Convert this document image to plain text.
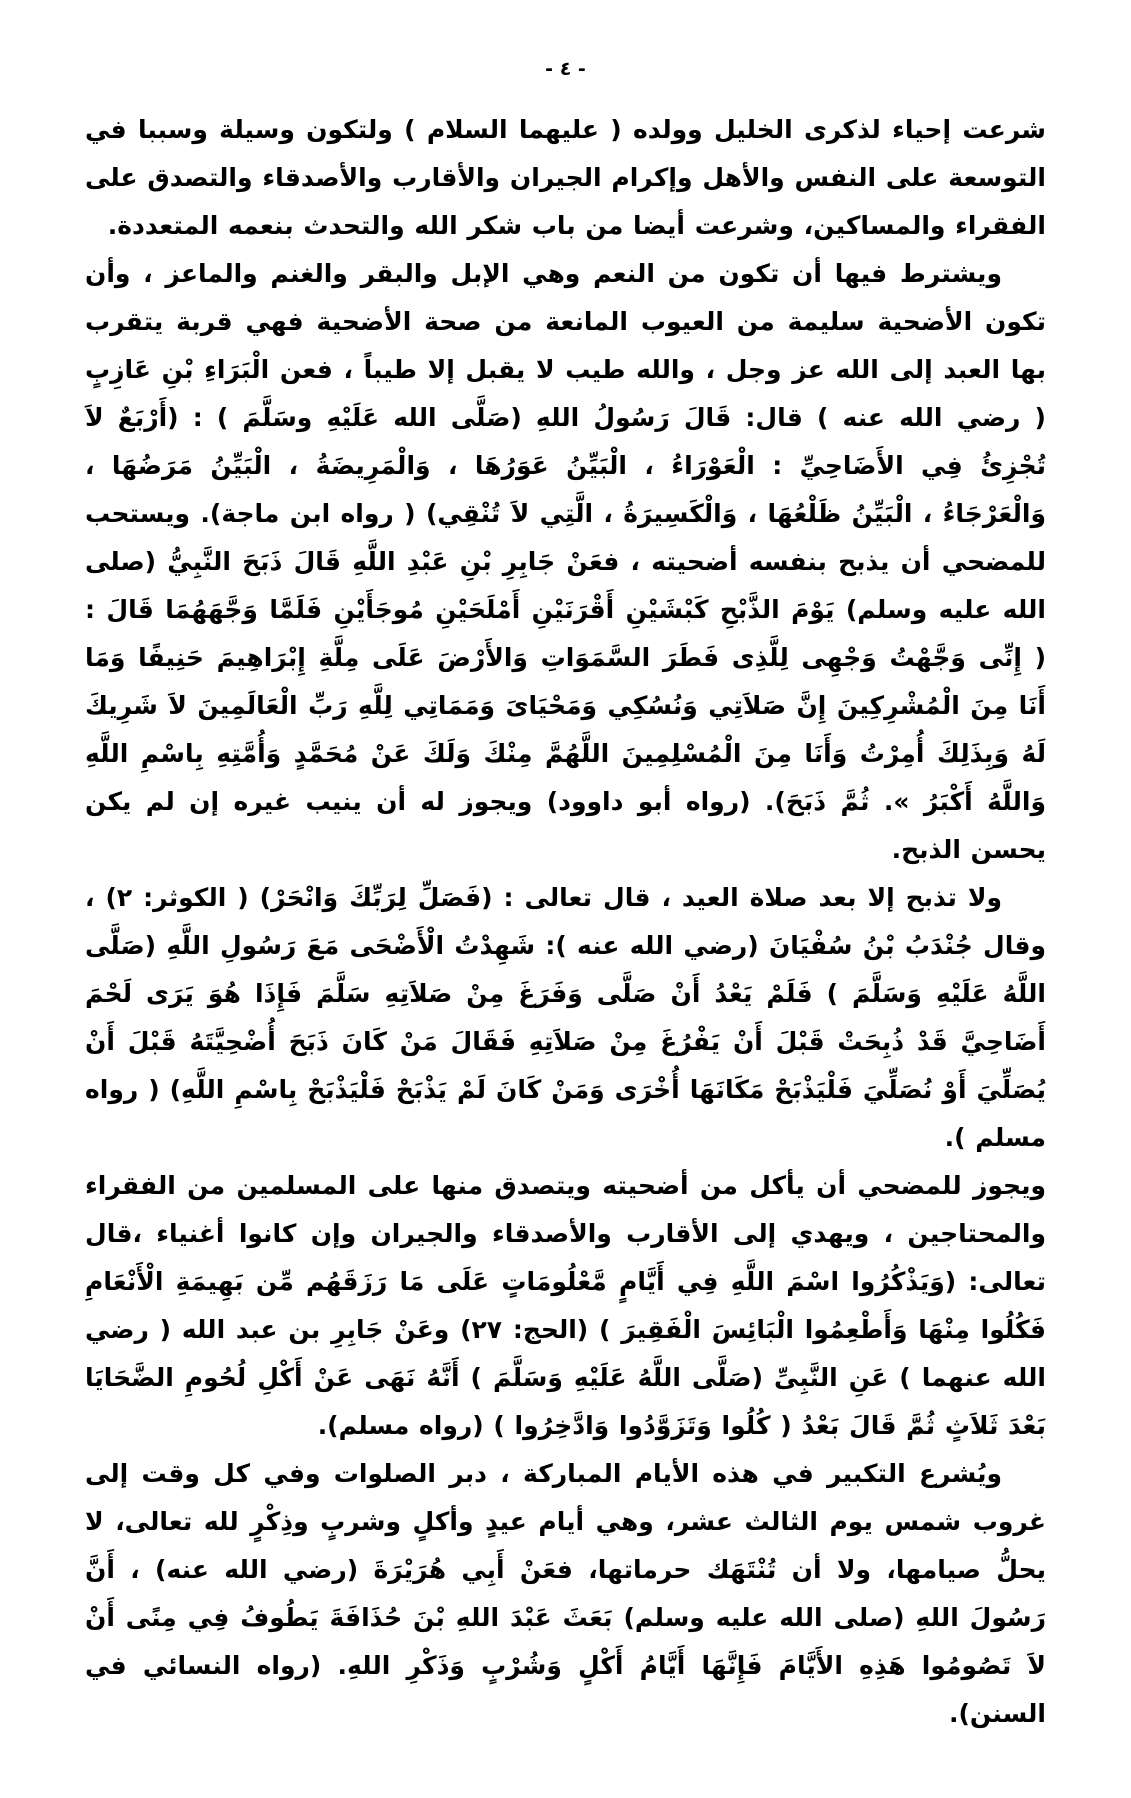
- ٤ -

شرعت إحياء لذكرى الخليل وولده ( عليهما السلام ) ولتكون وسيلة وسببا في التوسعة على النفس والأهل وإكرام الجيران والأقارب والأصدقاء والتصدق على الفقراء والمساكين، وشرعت أيضا من باب شكر الله والتحدث بنعمه المتعددة.

ويشترط فيها أن تكون من النعم وهي الإبل والبقر والغنم والماعز ، وأن تكون الأضحية سليمة من العيوب المانعة من صحة الأضحية فهي قربة يتقرب بها العبد إلى الله عز وجل ، والله طيب لا يقبل إلا طيباً ، فعن الْبَرَاءِ بْنِ عَازِبٍ ( رضي الله عنه ) قال: قَالَ رَسُولُ اللهِ (صَلَّى الله عَلَيْهِ وسَلَّمَ ) : (أَرْبَعٌ لاَ تُجْزِئُ فِي الأَضَاحِيِّ : الْعَوْرَاءُ ، الْبَيِّنُ عَوَرُهَا ، وَالْمَرِيضَةُ ، الْبَيِّنُ مَرَضُهَا ، وَالْعَرْجَاءُ ، الْبَيِّنُ ظَلْعُهَا ، وَالْكَسِيرَةُ ، الَّتِي لاَ تُنْقِي) ( رواه ابن ماجة). ويستحب للمضحي أن يذبح بنفسه أضحيته ، فعَنْ جَابِرِ بْنِ عَبْدِ اللَّهِ قَالَ ذَبَحَ النَّبِيُّ (صلى الله عليه وسلم) يَوْمَ الذَّبْحِ كَبْشَيْنِ أَقْرَنَيْنِ أَمْلَحَيْنِ مُوجَأَيْنِ فَلَمَّا وَجَّهَهُمَا قَالَ : ( إِنِّى وَجَّهْتُ وَجْهِى لِلَّذِى فَطَرَ السَّمَوَاتِ وَالأَرْضَ عَلَى مِلَّةِ إِبْرَاهِيمَ حَنِيفًا وَمَا أَنَا مِنَ الْمُشْرِكِينَ إِنَّ صَلاَتِي وَنُسُكِي وَمَحْيَاىَ وَمَمَاتِي لِلَّهِ رَبِّ الْعَالَمِينَ لاَ شَرِيكَ لَهُ وَبِذَلِكَ أُمِرْتُ وَأَنَا مِنَ الْمُسْلِمِينَ اللَّهُمَّ مِنْكَ وَلَكَ عَنْ مُحَمَّدٍ وَأُمَّتِهِ بِاسْمِ اللَّهِ وَاللَّهُ أَكْبَرُ ». ثُمَّ ذَبَحَ). (رواه أبو داوود) ويجوز له أن ينيب غيره إن لم يكن يحسن الذبح.

ولا تذبح إلا بعد صلاة العيد ، قال تعالى : (فَصَلِّ لِرَبِّكَ وَانْحَرْ) ( الكوثر: ٢) ، وقال جُنْدَبُ بْنُ سُفْيَانَ (رضي الله عنه ): شَهِدْتُ الْأَضْحَى مَعَ رَسُولِ اللَّهِ (صَلَّى اللَّهُ عَلَيْهِ وَسَلَّمَ ) فَلَمْ يَعْدُ أَنْ صَلَّى وَفَرَغَ مِنْ صَلاَتِهِ سَلَّمَ فَإِذَا هُوَ يَرَى لَحْمَ أَضَاحِيَّ قَدْ ذُبِحَتْ قَبْلَ أَنْ يَفْرُغَ مِنْ صَلاَتِهِ فَقَالَ مَنْ كَانَ ذَبَحَ أُضْحِيَّتَهُ قَبْلَ أَنْ يُصَلِّيَ أَوْ نُصَلِّيَ فَلْيَذْبَحْ مَكَانَهَا أُخْرَى وَمَنْ كَانَ لَمْ يَذْبَحْ فَلْيَذْبَحْ بِاسْمِ اللَّهِ) ( رواه مسلم ).

ويجوز للمضحي أن يأكل من أضحيته ويتصدق منها على المسلمين من الفقراء والمحتاجين ، ويهدي إلى الأقارب والأصدقاء والجيران وإن كانوا أغنياء ،قال تعالى: (وَيَذْكُرُوا اسْمَ اللَّهِ فِي أَيَّامٍ مَّعْلُومَاتٍ عَلَى مَا رَزَقَهُم مِّن بَهِيمَةِ الْأَنْعَامِ فَكُلُوا مِنْهَا وَأَطْعِمُوا الْبَائِسَ الْفَقِيرَ ) (الحج: ٢٧) وعَنْ جَابِرِ بن عبد الله ( رضي الله عنهما ) عَنِ النَّبِىِّ (صَلَّى اللَّهُ عَلَيْهِ وَسَلَّمَ ) أَنَّهُ نَهَى عَنْ أَكْلِ لُحُومِ الضَّحَايَا بَعْدَ ثَلاَثٍ ثُمَّ قَالَ بَعْدُ ( كُلُوا وَتَزَوَّدُوا وَادَّخِرُوا ) (رواه مسلم).

ويُشرع التكبير في هذه الأيام المباركة ، دبر الصلوات وفي كل وقت إلى غروب شمس يوم الثالث عشر، وهي أيام عيدٍ وأكلٍ وشربٍ وذِكْرٍ لله تعالى، لا يحلُّ صيامها، ولا أن تُنْتَهَك حرماتها، فعَنْ أَبِي هُرَيْرَةَ (رضي الله عنه) ، أَنَّ رَسُولَ اللهِ (صلى الله عليه وسلم) بَعَثَ عَبْدَ اللهِ بْنَ حُذَافَةَ يَطُوفُ فِي مِنًى أَنْ لاَ تَصُومُوا هَذِهِ الأَيَّامَ فَإِنَّهَا أَيَّامُ أَكْلٍ وَشُرْبٍ وَذَكْرِ اللهِ. (رواه النسائي في السنن).
